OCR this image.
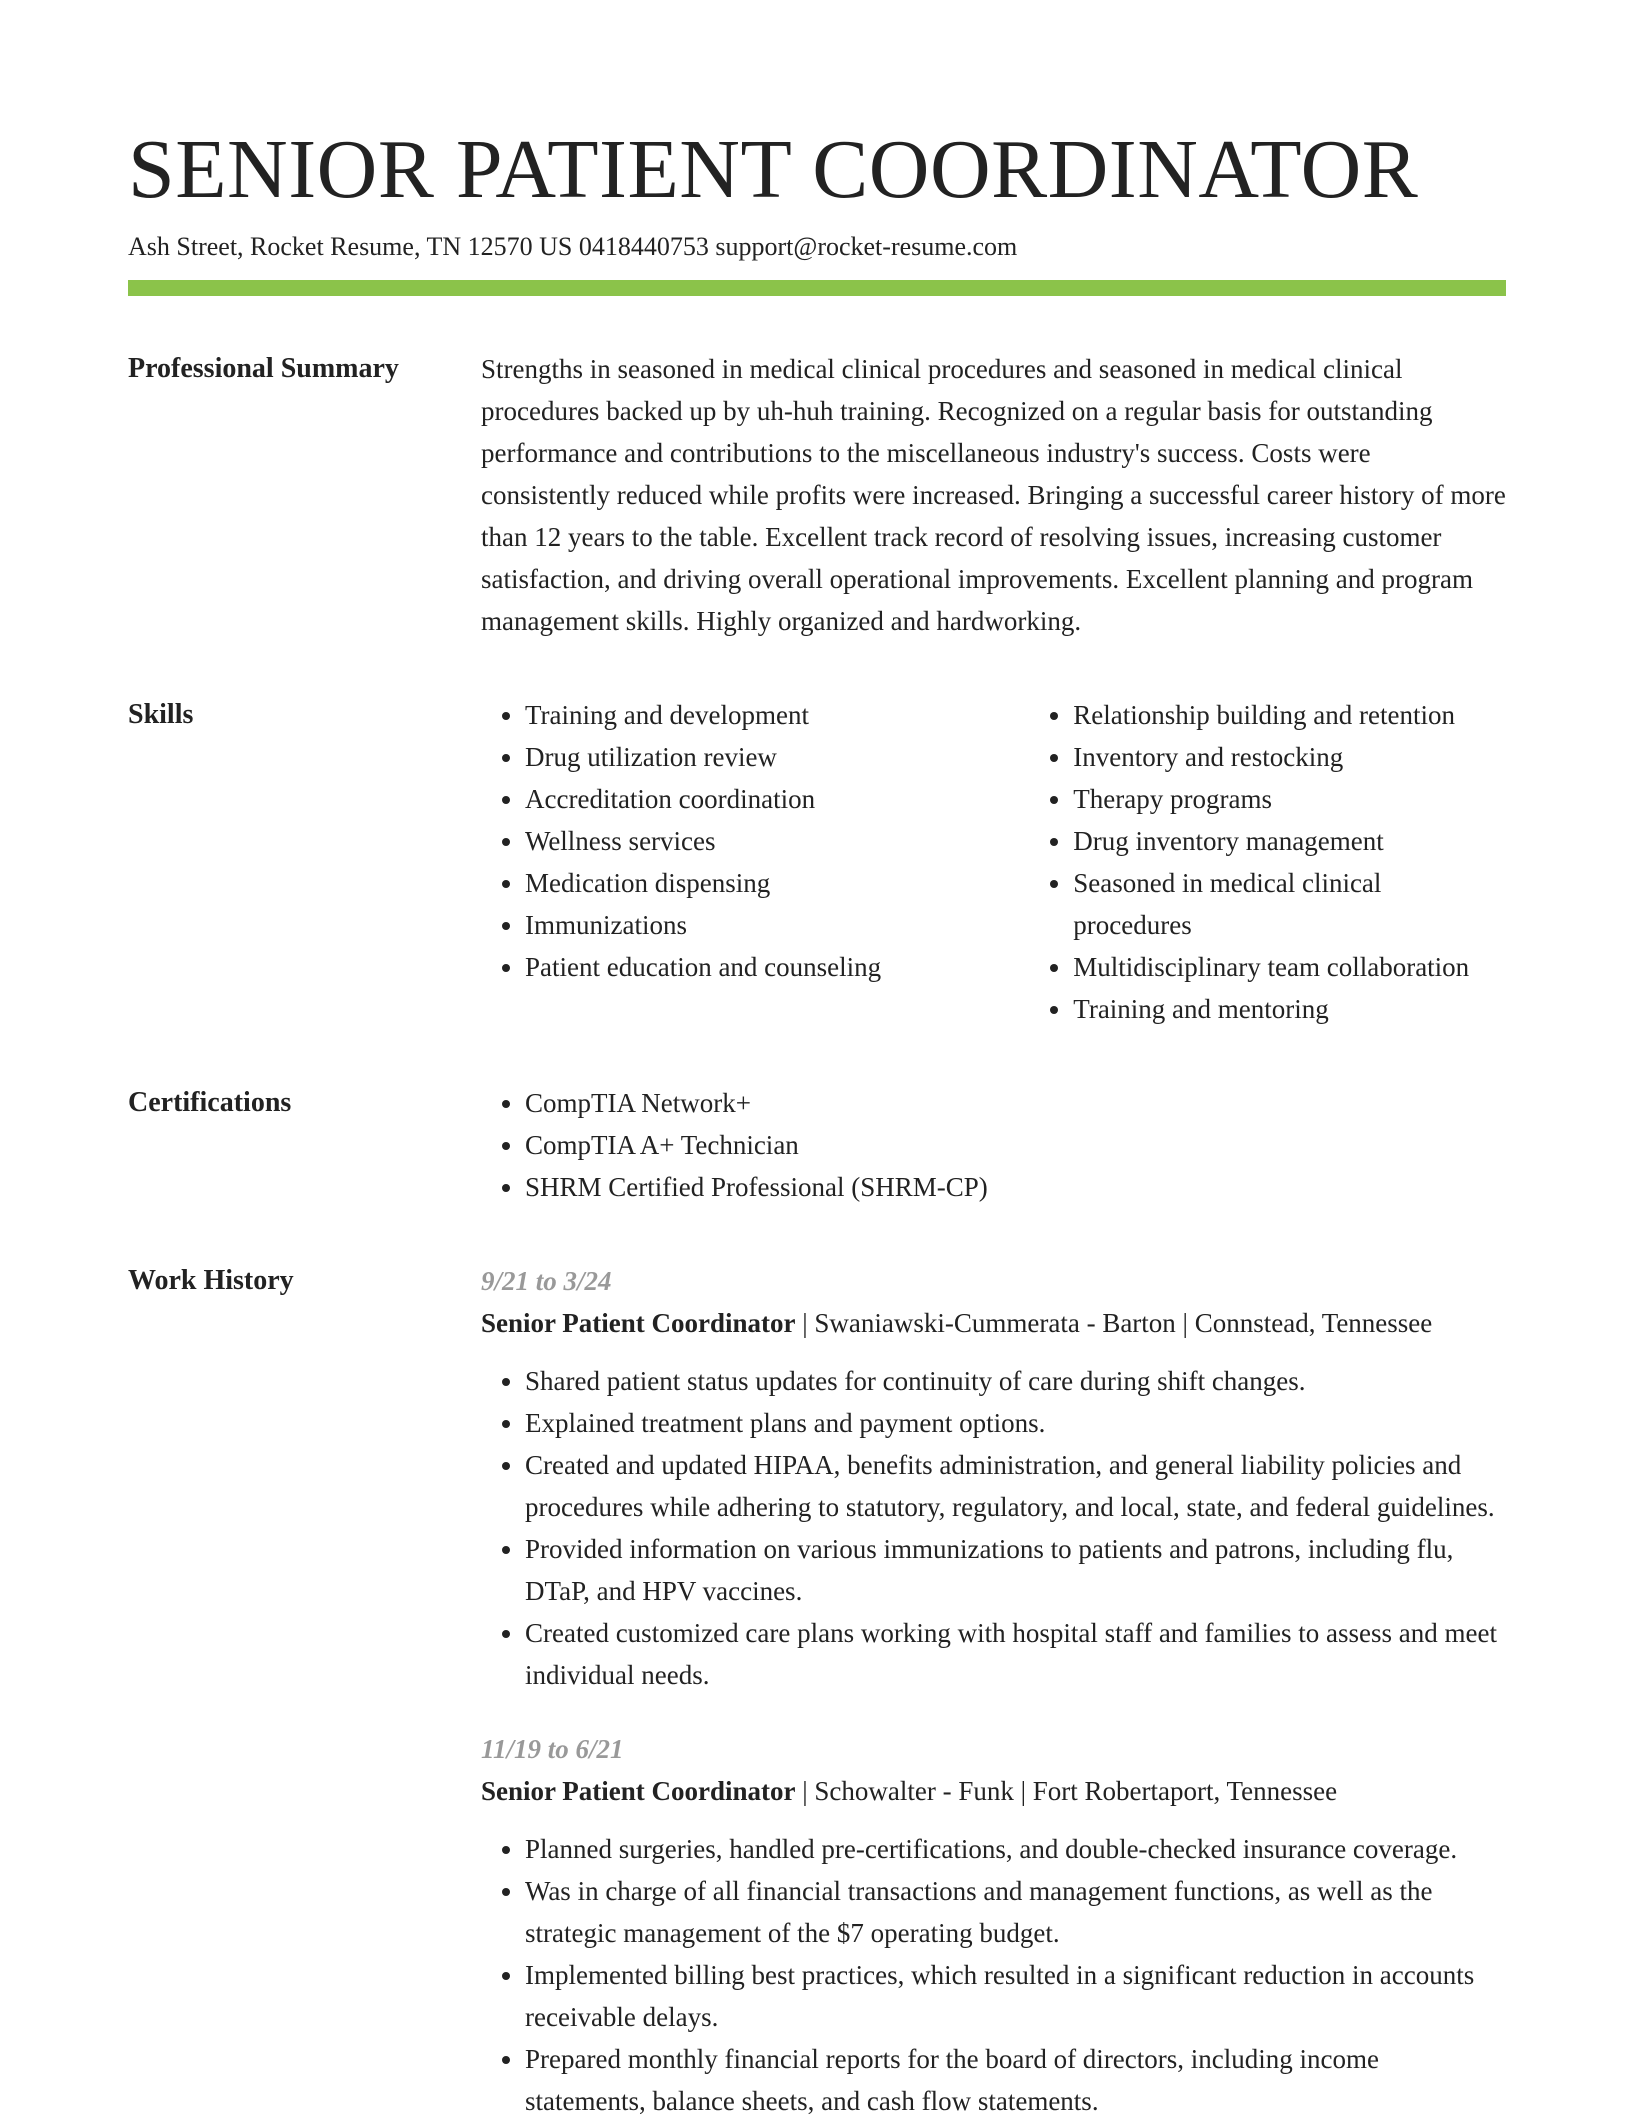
SENIOR PATIENT COORDINATOR
Ash Street, Rocket Resume, TN 12570 US 0418440753 support@rocket-resume.com
Professional Summary	Strengths in seasoned in medical clinical procedures and seasoned in medical clinical procedures backed up by uh-huh training. Recognized on a regular basis for outstanding performance and contributions to the miscellaneous industry's success. Costs were consistently reduced while profits were increased. Bringing a successful career history of more than 12 years to the table. Excellent track record of resolving issues, increasing customer satisfaction, and driving overall operational improvements. Excellent planning and program management skills. Highly organized and hardworking.

Skills	• Training and development
• Drug utilization review
• Accreditation coordination
• Wellness services
• Medication dispensing
• Immunizations
• Patient education and counseling
• Relationship building and retention
• Inventory and restocking
• Therapy programs
• Drug inventory management
• Seasoned in medical clinical procedures
• Multidisciplinary team collaboration
• Training and mentoring
Certifications	• CompTIA Network+
• CompTIA A+ Technician
• SHRM Certified Professional (SHRM-CP)
Work History	9/21 to 3/24
Senior Patient Coordinator | Swaniawski-Cummerata - Barton | Connstead, Tennessee
• Shared patient status updates for continuity of care during shift changes.
• Explained treatment plans and payment options.
• Created and updated HIPAA, benefits administration, and general liability policies and procedures while adhering to statutory, regulatory, and local, state, and federal guidelines.
• Provided information on various immunizations to patients and patrons, including flu, DTaP, and HPV vaccines.
• Created customized care plans working with hospital staff and families to assess and meet individual needs.
11/19 to 6/21
Senior Patient Coordinator | Schowalter - Funk | Fort Robertaport, Tennessee
• Planned surgeries, handled pre-certifications, and double-checked insurance coverage.
• Was in charge of all financial transactions and management functions, as well as the strategic management of the $7 operating budget.
• Implemented billing best practices, which resulted in a significant reduction in accounts receivable delays.
• Prepared monthly financial reports for the board of directors, including income statements, balance sheets, and cash flow statements.
